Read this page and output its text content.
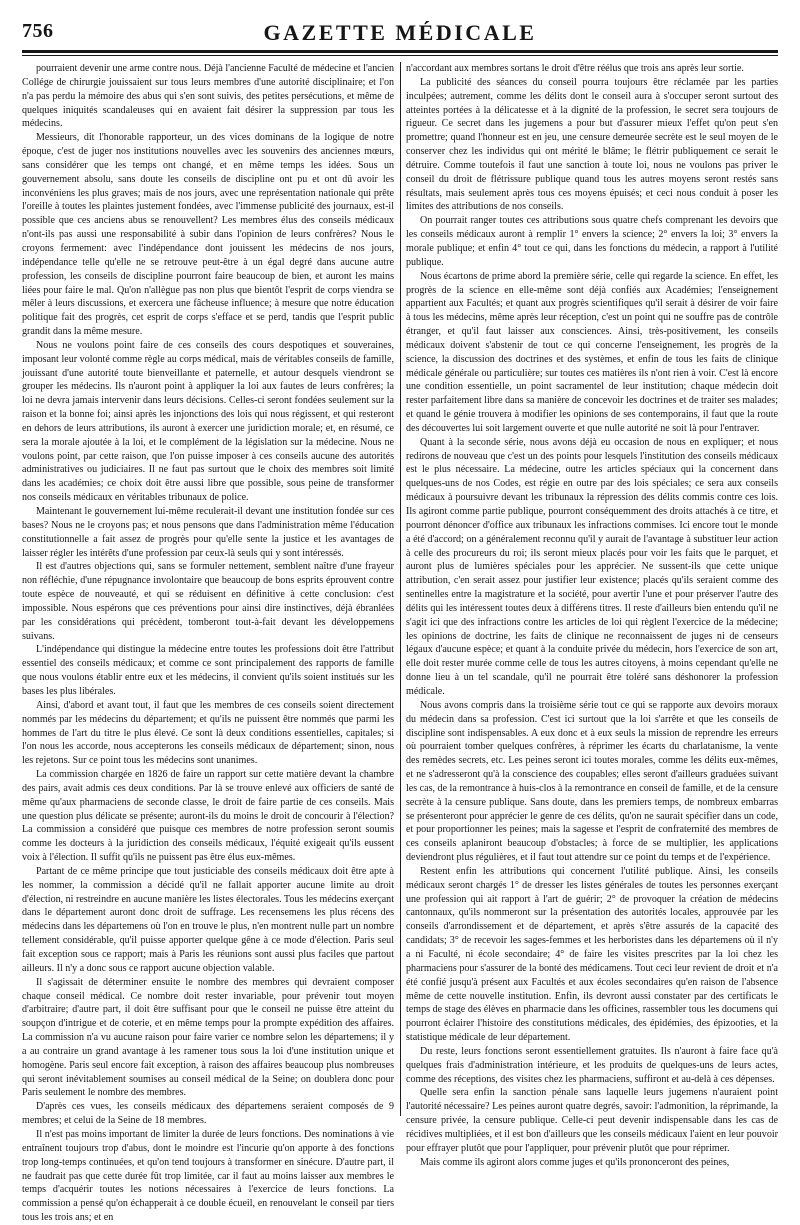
756	GAZETTE MÉDICALE

pourraient devenir une arme contre nous. Déjà l'ancienne Faculté de médecine et l'ancien Collége de chirurgie jouissaient sur tous leurs membres d'une autorité disciplinaire; et l'on n'a pas perdu la mémoire des abus qui s'en sont suivis, des petites persécutions, et même de quelques iniquités scandaleuses qui en avaient fait désirer la suppression par tous les médecins.

Messieurs, dit l'honorable rapporteur, un des vices dominans de la logique de notre époque, c'est de juger nos institutions nouvelles avec les souvenirs des anciennes mœurs, sans considérer que les temps ont changé, et en même temps les idées. Sous un gouvernement absolu, sans doute les conseils de discipline ont pu et ont dû avoir les inconvéniens les plus graves; mais de nos jours, avec une représentation nationale qui prête l'oreille à toutes les plaintes justement fondées, avec l'immense publicité des journaux, est-il possible que ces anciens abus se renouvellent? Les membres élus des conseils médicaux n'ont-ils pas aussi une responsabilité à subir dans l'opinion de leurs confrères? Nous le croyons fermement: avec l'indépendance dont jouissent les médecins de nos jours, indépendance telle qu'elle ne se retrouve peut-être à un égal degré dans aucune autre profession, les conseils de discipline pourront faire beaucoup de bien, et auront les mains liées pour faire le mal. Qu'on n'allègue pas non plus que bientôt l'esprit de corps viendra se mêler à leurs discussions, et exercera une fâcheuse influence; à mesure que notre éducation politique fait des progrès, cet esprit de corps s'efface et se perd, tandis que l'esprit public grandit dans la même mesure.

Nous ne voulons point faire de ces conseils des cours despotiques et souveraines, imposant leur volonté comme règle au corps médical, mais de véritables conseils de famille, jouissant d'une autorité toute bienveillante et paternelle, et autour desquels viendront se grouper les médecins. Ils n'auront point à appliquer la loi aux fautes de leurs confrères; la loi ne devra jamais intervenir dans leurs décisions. Celles-ci seront fondées seulement sur la raison et la bonne foi; ainsi après les injonctions des lois qui nous régissent, et qui resteront en dehors de leurs attributions, ils auront à exercer une juridiction morale; et, en résumé, ce sera la morale ajoutée à la loi, et le complément de la législation sur la médecine. Nous ne voulons point, par cette raison, que l'on puisse imposer à ces conseils aucune des autorités administratives ou judiciaires. Il ne faut pas surtout que le choix des membres soit limité dans les académies; ce choix doit être aussi libre que possible, sous peine de transformer nos conseils médicaux en véritables tribunaux de police.

Maintenant le gouvernement lui-même reculerait-il devant une institution fondée sur ces bases? Nous ne le croyons pas; et nous pensons que dans l'administration même l'éducation constitutionnelle a fait assez de progrès pour qu'elle sente la justice et les avantages de laisser régler les intérêts d'une profession par ceux-là seuls qui y sont intéressés.

Il est d'autres objections qui, sans se formuler nettement, semblent naître d'une frayeur non réfléchie, d'une répugnance involontaire que beaucoup de bons esprits éprouvent contre toute espèce de nouveauté, et qui se réduisent en définitive à cette conclusion: c'est impossible. Nous espérons que ces préventions pour ainsi dire instinctives, déjà ébranlées par les considérations qui précèdent, tomberont tout-à-fait devant les développemens suivans.

L'indépendance qui distingue la médecine entre toutes les professions doit être l'attribut essentiel des conseils médicaux; et comme ce sont principalement des rapports de famille que nous voulons établir entre eux et les médecins, il convient qu'ils soient institués sur les bases les plus libérales.

Ainsi, d'abord et avant tout, il faut que les membres de ces conseils soient directement nommés par les médecins du département; et qu'ils ne puissent être nommés que parmi les hommes de l'art du titre le plus élevé. Ce sont là deux conditions essentielles, capitales; si l'on nous les accorde, nous accepterons les conseils médicaux de département; sinon, nous les rejetons. Sur ce point tous les médecins sont unanimes.

La commission chargée en 1826 de faire un rapport sur cette matière devant la chambre des pairs, avait admis ces deux conditions. Par là se trouve enlevé aux officiers de santé de même qu'aux pharmaciens de seconde classe, le droit de faire partie de ces conseils. Mais une question plus délicate se présente; auront-ils du moins le droit de concourir à l'élection? La commission a considéré que puisque ces membres de notre profession seront soumis comme les docteurs à la juridiction des conseils médicaux, l'équité exigeait qu'ils eussent voix à l'élection. Il suffit qu'ils ne puissent pas être élus eux-mêmes.

Partant de ce même principe que tout justiciable des conseils médicaux doit être apte à les nommer, la commission a décidé qu'il ne fallait apporter aucune limite au droit d'élection, ni restreindre en aucune manière les listes électorales. Tous les médecins exerçant dans le département auront donc droit de suffrage. Les recensemens les plus récens des médecins dans les départemens où l'on en trouve le plus, n'en montrent nulle part un nombre tellement considérable, qu'il puisse apporter quelque gêne à ce mode d'élection. Paris seul fait exception sous ce rapport; mais à Paris les réunions sont aussi plus faciles que partout ailleurs. Il n'y a donc sous ce rapport aucune objection valable.

Il s'agissait de déterminer ensuite le nombre des membres qui devraient composer chaque conseil médical. Ce nombre doit rester invariable, pour prévenir tout moyen d'arbitraire; d'autre part, il doit être suffisant pour que le conseil ne puisse être atteint du soupçon d'intrigue et de coterie, et en même temps pour la prompte expédition des affaires. La commission n'a vu aucune raison pour faire varier ce nombre selon les départemens; il y a au contraire un grand avantage à les ramener tous sous la loi d'une institution unique et homogène. Paris seul encore fait exception, à raison des affaires beaucoup plus nombreuses qui seront inévitablement soumises au conseil médical de la Seine; on doublera donc pour Paris seulement le nombre des membres.

D'après ces vues, les conseils médicaux des départemens seraient composés de 9 membres; et celui de la Seine de 18 membres.

Il n'est pas moins important de limiter la durée de leurs fonctions. Des nominations à vie entraînent toujours trop d'abus, dont le moindre est l'incurie qu'on apporte à des fonctions trop long-temps continuées, et qu'on tend toujours à transformer en sinécure. D'autre part, il ne faudrait pas que cette durée fût trop limitée, car il faut au moins laisser aux membres le temps d'acquérir toutes les notions nécessaires à l'exercice de leurs fonctions. La commission a pensé qu'on échapperait à ce double écueil, en renouvelant le conseil par tiers tous les trois ans; et en

n'accordant aux membres sortans le droit d'être réélus que trois ans après leur sortie.

La publicité des séances du conseil pourra toujours être réclamée par les parties inculpées; autrement, comme les délits dont le conseil aura à s'occuper seront surtout des atteintes portées à la délicatesse et à la dignité de la profession, le secret sera toujours de rigueur. Ce secret dans les jugemens a pour but d'assurer mieux l'effet qu'on peut s'en promettre; quand l'honneur est en jeu, une censure demeurée secrète est le seul moyen de le conserver chez les individus qui ont mérité le blâme; le flétrir publiquement ce serait le détruire. Comme toutefois il faut une sanction à toute loi, nous ne voulons pas priver le conseil du droit de flétrissure publique quand tous les autres moyens seront restés sans résultats, mais seulement après tous ces moyens épuisés; et ceci nous conduit à poser les limites des attributions de nos conseils.

On pourrait ranger toutes ces attributions sous quatre chefs comprenant les devoirs que les conseils médicaux auront à remplir 1° envers la science; 2° envers la loi; 3° envers la morale publique; et enfin 4° tout ce qui, dans les fonctions du médecin, a rapport à l'utilité publique.

Nous écartons de prime abord la première série, celle qui regarde la science. En effet, les progrès de la science en elle-même sont déjà confiés aux Académies; l'enseignement appartient aux Facultés; et quant aux progrès scientifiques qu'il serait à désirer de voir faire à tous les médecins, même après leur réception, c'est un point qui ne souffre pas de contrôle étranger, et qu'il faut laisser aux consciences. Ainsi, très-positivement, les conseils médicaux doivent s'abstenir de tout ce qui concerne l'enseignement, les progrès de la science, la discussion des doctrines et des systèmes, et enfin de tous les faits de clinique médicale générale ou particulière; sur toutes ces matières ils n'ont rien à voir. C'est là encore une condition essentielle, un point sacramentel de leur institution; chaque médecin doit rester parfaitement libre dans sa manière de concevoir les doctrines et de traiter ses malades; et quand le génie trouvera à modifier les opinions de ses contemporains, il faut que la route des découvertes lui soit largement ouverte et que nulle autorité ne soit là pour l'entraver.

Quant à la seconde série, nous avons déjà eu occasion de nous en expliquer; et nous redirons de nouveau que c'est un des points pour lesquels l'institution des conseils médicaux est le plus nécessaire. La médecine, outre les articles spéciaux qui la concernent dans quelques-uns de nos Codes, est régie en outre par des lois spéciales; ce sera aux conseils médicaux à poursuivre devant les tribunaux la répression des délits commis contre ces lois. Ils agiront comme partie publique, pourront conséquemment des droits attachés à ce titre, et pourront dénoncer d'office aux tribunaux les infractions commises. Ici encore tout le monde a été d'accord; on a généralement reconnu qu'il y aurait de l'avantage à substituer leur action à celle des procureurs du roi; ils seront mieux placés pour voir les faits que le parquet, et auront plus de lumières spéciales pour les apprécier. Ne sussent-ils que cette unique attribution, c'en serait assez pour justifier leur existence; placés qu'ils seraient comme des sentinelles entre la magistrature et la société, pour avertir l'une et pour préserver l'autre des délits qui les intéressent toutes deux à différens titres. Il reste d'ailleurs bien entendu qu'il ne s'agit ici que des infractions contre les articles de loi qui règlent l'exercice de la médecine; les opinions de doctrine, les faits de clinique ne reconnaissent de juges ni de censeurs légaux d'aucune espèce; et quant à la conduite privée du médecin, hors l'exercice de son art, elle doit rester murée comme celle de tous les autres citoyens, à moins cependant qu'elle ne donne lieu à un tel scandale, qu'il ne pourrait être toléré sans déshonorer la profession médicale.

Nous avons compris dans la troisième série tout ce qui se rapporte aux devoirs moraux du médecin dans sa profession. C'est ici surtout que la loi s'arrête et que les conseils de discipline sont indispensables. A eux donc et à eux seuls la mission de reprendre les erreurs où pourraient tomber quelques confrères, à réprimer les écarts du charlatanisme, la vente des remèdes secrets, etc. Les peines seront ici toutes morales, comme les délits eux-mêmes, et ne s'adresseront qu'à la conscience des coupables; elles seront d'ailleurs graduées suivant les cas, de la remontrance à huis-clos à la remontrance en conseil de famille, et de la censure secrète à la censure publique. Sans doute, dans les premiers temps, de nombreux embarras se présenteront pour apprécier le genre de ces délits, qu'on ne saurait spécifier dans un code, et pour proportionner les peines; mais la sagesse et l'esprit de confraternité des membres de ces conseils aplaniront beaucoup d'obstacles; à force de se multiplier, les applications deviendront plus régulières, et il faut tout attendre sur ce point du temps et de l'expérience.

Restent enfin les attributions qui concernent l'utilité publique. Ainsi, les conseils médicaux seront chargés 1° de dresser les listes générales de toutes les personnes exerçant une profession qui ait rapport à l'art de guérir; 2° de provoquer la création de médecins cantonnaux, qu'ils nommeront sur la présentation des autorités locales, approuvée par les conseils d'arrondissement et de département, et après s'être assurés de la capacité des candidats; 3° de recevoir les sages-femmes et les herboristes dans les départemens où il n'y a ni Faculté, ni école secondaire; 4° de faire les visites prescrites par la loi chez les pharmaciens pour s'assurer de la bonté des médicamens. Tout ceci leur revient de droit et n'a été confié jusqu'à présent aux Facultés et aux écoles secondaires qu'en raison de l'absence même de cette nouvelle institution. Enfin, ils devront aussi constater par des certificats le temps de stage des élèves en pharmacie dans les officines, rassembler tous les documens qui pourront éclairer l'histoire des constitutions médicales, des épidémies, des épizooties, et la statistique médicale de leur département.

Du reste, leurs fonctions seront essentiellement gratuites. Ils n'auront à faire face qu'à quelques frais d'administration intérieure, et les produits de quelques-uns de leurs actes, comme des réceptions, des visites chez les pharmaciens, suffiront et au-delà à ces dépenses.

Quelle sera enfin la sanction pénale sans laquelle leurs jugemens n'auraient point l'autorité nécessaire? Les peines auront quatre degrés, savoir: l'admonition, la réprimande, la censure privée, la censure publique. Celle-ci peut devenir indispensable dans les cas de récidives multipliées, et il est bon d'ailleurs que les conseils médicaux l'aient en leur pouvoir pour effrayer plutôt que pour l'appliquer, pour prévenir plutôt que pour réprimer.

Mais comme ils agiront alors comme juges et qu'ils prononceront des peines,
